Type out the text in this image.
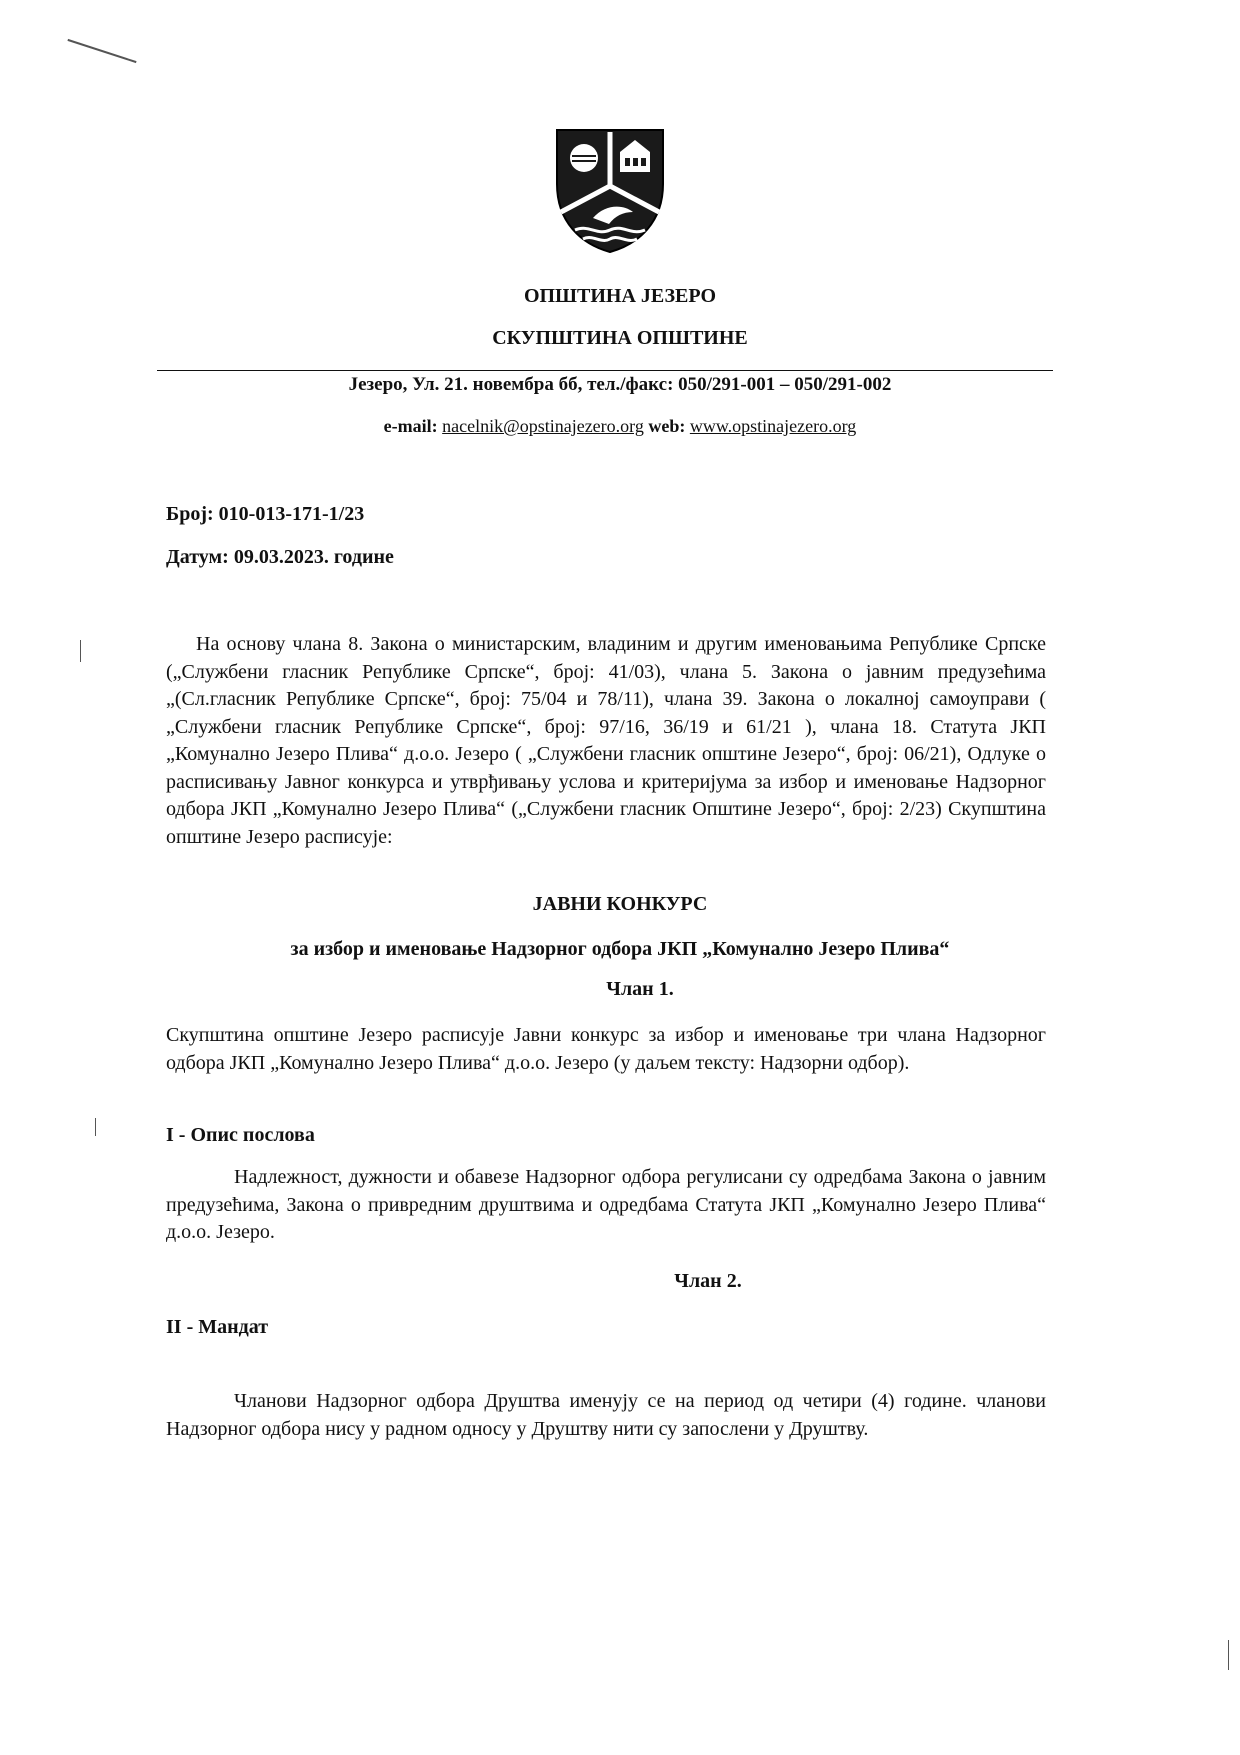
ОПШТИНА ЈЕЗЕРО
СКУПШТИНА ОПШТИНЕ
Језеро, Ул. 21. новембра бб, тел./факс: 050/291-001 – 050/291-002
e-mail: nacelnik@opstinajezero.org web: www.opstinajezero.org
Број: 010-013-171-1/23
Датум: 09.03.2023. године
На основу члана 8. Закона о министарским, владиним и другим именовањима Републике Српске („Службени гласник Републике Српске“, број: 41/03), члана 5. Закона о јавним предузећима „(Сл.гласник Републике Српске“, број: 75/04 и 78/11), члана 39. Закона о локалној самоуправи ( „Службени гласник Републике Српске“, број: 97/16, 36/19 и 61/21 ), члана 18. Статута ЈКП „Комунално Језеро Плива“ д.о.о. Језеро ( „Службени гласник општине Језеро“, број: 06/21), Одлуке о расписивању Јавног конкурса и утврђивању услова и критеријума за избор и именовање Надзорног одбора ЈКП „Комунално Језеро Плива“ („Службени гласник Општине Језеро“, број: 2/23) Скупштина општине Језеро расписује:
ЈАВНИ КОНКУРС
за избор и именовање Надзорног одбора ЈКП „Комунално Језеро Плива“
Члан 1.
Скупштина општине Језеро расписује Јавни конкурс за избор и именовање три члана Надзорног одбора ЈКП „Комунално Језеро Плива“ д.о.о. Језеро (у даљем тексту: Надзорни одбор).
I - Опис послова
Надлежност, дужности и обавезе Надзорног одбора регулисани су одредбама Закона о јавним предузећима, Закона о привредним друштвима и одредбама Статута ЈКП „Комунално Језеро Плива“ д.о.о. Језеро.
Члан 2.
II - Мандат
Чланови Надзорног одбора Друштва именују се на период од четири (4) године. чланови Надзорног одбора нису у радном односу у Друштву нити су запослени у Друштву.
